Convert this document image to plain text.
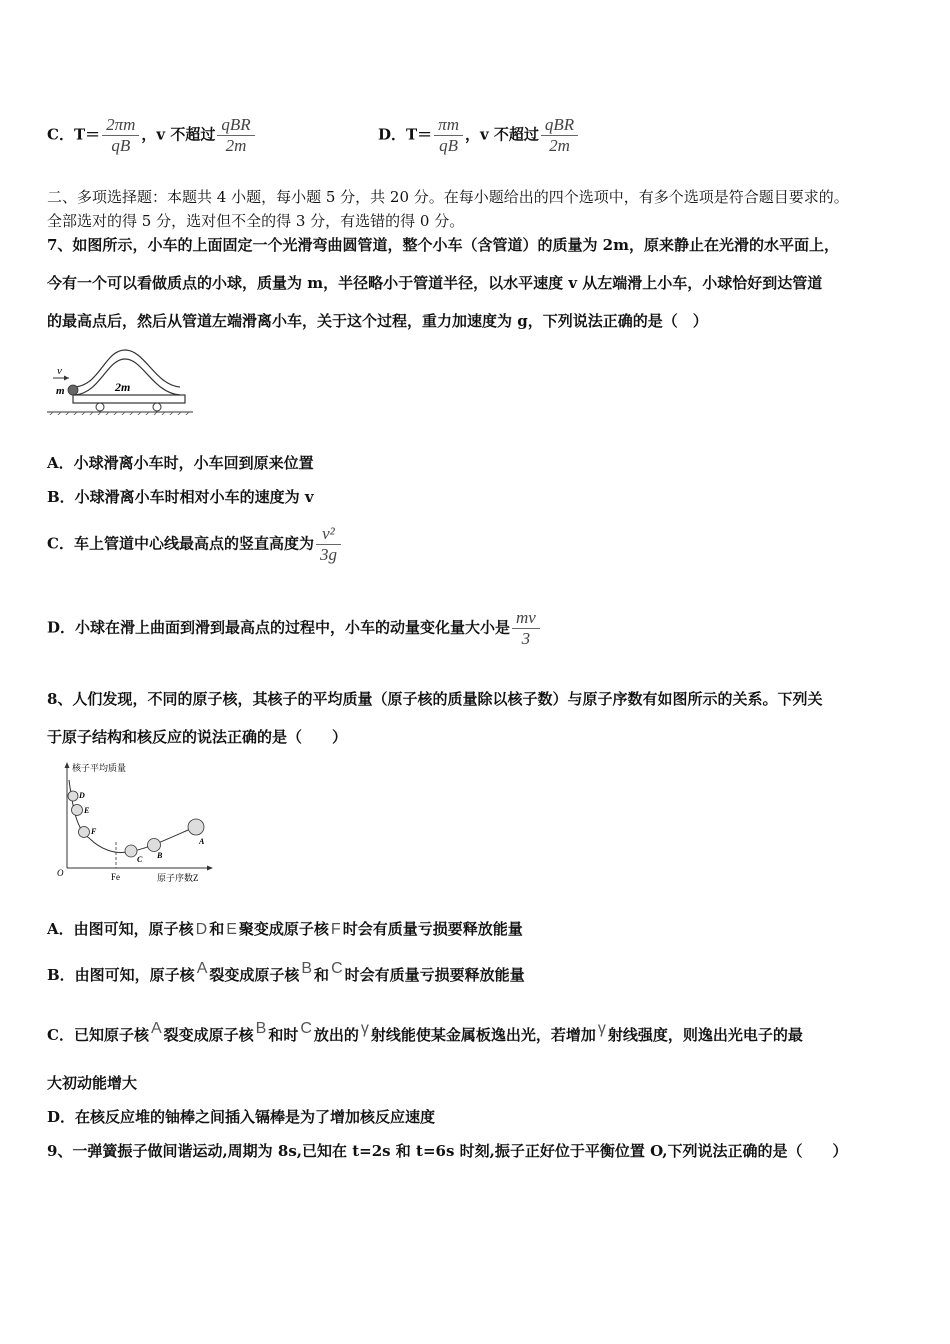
C．$T= \frac{2\pi m}{qB}$ ，v 不超过 $\frac{\text{qBR}}{2m}$	D．$T= \frac{\pi m}{qB}$ ，v 不超过 $\frac{\text{qBR}}{2m}$
二、多项选择题：本题共 4 小题，每小题 5 分，共 20 分。在每小题给出的四个选项中，有多个选项是符合题目要求的。
全部选对的得 5 分，选对但不全的得 3 分，有选错的得 0 分。
7、如图所示，小车的上面固定一个光滑弯曲圆管道，整个小车（含管道）的质量为 2m，原来静止在光滑的水平面上，
今有一个可以看做质点的小球，质量为 m，半径略小于管道半径，以水平速度 v 从左端滑上小车，小球恰好到达管道
的最高点后，然后从管道左端滑离小车，关于这个过程，重力加速度为 g，下列说法正确的是（　）
v
m	2m
A．小球滑离小车时，小车回到原来位置
B．小球滑离小车时相对小车的速度为 v
C．车上管道中心线最高点的竖直高度为 $\frac{\text{v²}}{3g}$
D．小球在滑上曲面到滑到最高点的过程中，小车的动量变化量大小是 $\frac{mv}{3}$
8、人们发现，不同的原子核，其核子的平均质量（原子核的质量除以核子数）与原子序数有如图所示的关系。下列关
于原子结构和核反应的说法正确的是（　　）
核子平均质量
O	Fe	原子序数Z
D
E
F
C B
A
A．由图可知，原子核 D 和 E 聚变成原子核 F 时会有质量亏损要释放能量
B．由图可知，原子核 A 裂变成原子核 B 和 C 时会有质量亏损要释放能量
C．已知原子核 A 裂变成原子核 B 和时 C 放出的 γ 射线能使某金属板逸出光，若增加 γ 射线强度，则逸出光电子的最
大初动能增大
D．在核反应堆的铀棒之间插入镉棒是为了增加核反应速度
9、一弹簧振子做间谐运动,周期为 8s,已知在 t=2s 和 t=6s 时刻,振子正好位于平衡位置 O,下列说法正确的是（　　）
